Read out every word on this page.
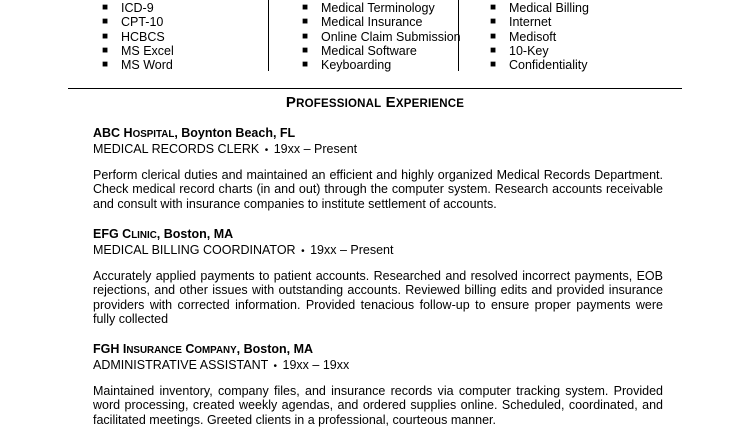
■ ICD-9
■ CPT-10
■ HCBCS
■ MS Excel
■ MS Word
■ Medical Terminology
■ Medical Insurance
■ Online Claim Submission
■ Medical Software
■ Keyboarding
■ Medical Billing
■ Internet
■ Medisoft
■ 10-Key
■ Confidentiality
PROFESSIONAL EXPERIENCE
ABC HOSPITAL, Boynton Beach, FL
MEDICAL RECORDS CLERK • 19xx – Present
Perform clerical duties and maintained an efficient and highly organized Medical Records Department. Check medical record charts (in and out) through the computer system. Research accounts receivable and consult with insurance companies to institute settlement of accounts.
EFG CLINIC, Boston, MA
MEDICAL BILLING COORDINATOR • 19xx – Present
Accurately applied payments to patient accounts. Researched and resolved incorrect payments, EOB rejections, and other issues with outstanding accounts. Reviewed billing edits and provided insurance providers with corrected information. Provided tenacious follow-up to ensure proper payments were fully collected
FGH INSURANCE COMPANY, Boston, MA
ADMINISTRATIVE ASSISTANT • 19xx – 19xx
Maintained inventory, company files, and insurance records via computer tracking system. Provided word processing, created weekly agendas, and ordered supplies online. Scheduled, coordinated, and facilitated meetings. Greeted clients in a professional, courteous manner.
